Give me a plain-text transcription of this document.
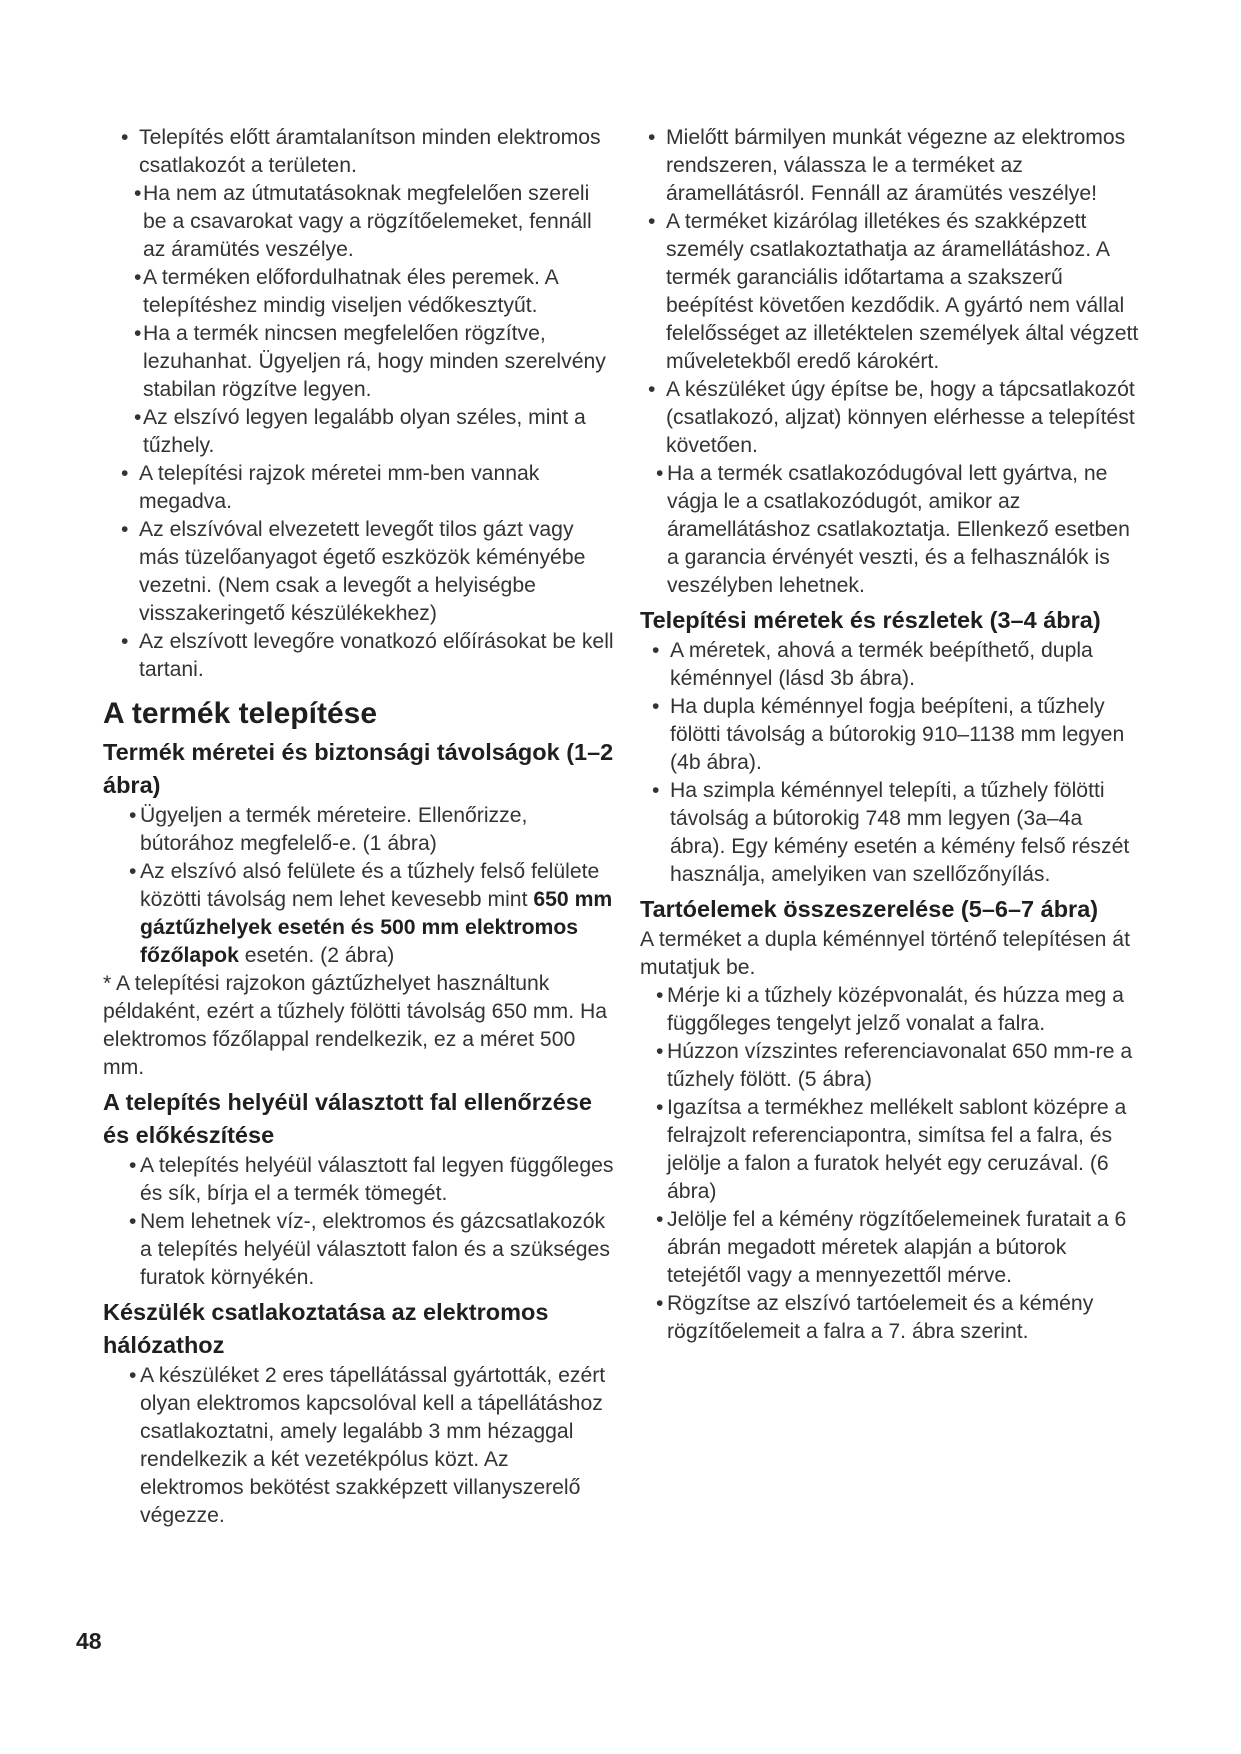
• Telepítés előtt áramtalanítson minden elektromos csatlakozót a területen.
• Ha nem az útmutatásoknak megfelelően szereli be a csavarokat vagy a rögzítőelemeket, fennáll az áramütés veszélye.
• A terméken előfordulhatnak éles peremek. A telepítéshez mindig viseljen védőkesztyűt.
• Ha a termék nincsen megfelelően rögzítve, lezuhanhat. Ügyeljen rá, hogy minden szerelvény stabilan rögzítve legyen.
• Az elszívó legyen legalább olyan széles, mint a tűzhely.
• A telepítési rajzok méretei mm-ben vannak megadva.
• Az elszívóval elvezetett levegőt tilos gázt vagy más tüzelőanyagot égető eszközök kéményébe vezetni. (Nem csak a levegőt a helyiségbe visszakeringető készülékekhez)
• Az elszívott levegőre vonatkozó előírásokat be kell tartani.
A termék telepítése
Termék méretei és biztonsági távolságok (1–2 ábra)
• Ügyeljen a termék méreteire. Ellenőrizze, bútorához megfelelő-e. (1 ábra)
• Az elszívó alsó felülete és a tűzhely felső felülete közötti távolság nem lehet kevesebb mint 650 mm gáztűzhelyek esetén és 500 mm elektromos főzőlapok esetén. (2 ábra)

* A telepítési rajzokon gáztűzhelyet használtunk példaként, ezért a tűzhely fölötti távolság 650 mm. Ha elektromos főzőlappal rendelkezik, ez a méret 500 mm.

A telepítés helyéül választott fal ellenőrzése és előkészítése
• A telepítés helyéül választott fal legyen függőleges és sík, bírja el a termék tömegét.
• Nem lehetnek víz-, elektromos és gázcsatlakozók a telepítés helyéül választott falon és a szükséges furatok környékén.
Készülék csatlakoztatása az elektromos hálózathoz
• A készüléket 2 eres tápellátással gyártották, ezért olyan elektromos kapcsolóval kell a tápellátáshoz csatlakoztatni, amely legalább 3 mm hézaggal rendelkezik a két vezetékpólus közt. Az elektromos bekötést szakképzett villanyszerelő végezze.
• Mielőtt bármilyen munkát végezne az elektromos rendszeren, válassza le a terméket az áramellátásról. Fennáll az áramütés veszélye!
• A terméket kizárólag illetékes és szakképzett személy csatlakoztathatja az áramellátáshoz. A termék garanciális időtartama a szakszerű beépítést követően kezdődik. A gyártó nem vállal felelősséget az illetéktelen személyek által végzett műveletekből eredő károkért.
• A készüléket úgy építse be, hogy a tápcsatlakozót (csatlakozó, aljzat) könnyen elérhesse a telepítést követően.
• Ha a termék csatlakozódugóval lett gyártva, ne vágja le a csatlakozódugót, amikor az áramellátáshoz csatlakoztatja. Ellenkező esetben a garancia érvényét veszti, és a felhasználók is veszélyben lehetnek.
Telepítési méretek és részletek (3–4 ábra)
• A méretek, ahová a termék beépíthető, dupla kéménnyel (lásd 3b ábra).
• Ha dupla kéménnyel fogja beépíteni, a tűzhely fölötti távolság a bútorokig 910–1138 mm legyen (4b ábra).
• Ha szimpla kéménnyel telepíti, a tűzhely fölötti távolság a bútorokig 748 mm legyen (3a–4a ábra). Egy kémény esetén a kémény felső részét használja, amelyiken van szellőzőnyílás.
Tartóelemek összeszerelése (5–6–7 ábra)

A terméket a dupla kéménnyel történő telepítésen át mutatjuk be.

• Mérje ki a tűzhely középvonalát, és húzza meg a függőleges tengelyt jelző vonalat a falra.
• Húzzon vízszintes referenciavonalat 650 mm-re a tűzhely fölött. (5 ábra)
• Igazítsa a termékhez mellékelt sablont középre a felrajzolt referenciapontra, simítsa fel a falra, és jelölje a falon a furatok helyét egy ceruzával. (6 ábra)
• Jelölje fel a kémény rögzítőelemeinek furatait a 6 ábrán megadott méretek alapján a bútorok tetejétől vagy a mennyezettől mérve.
• Rögzítse az elszívó tartóelemeit és a kémény rögzítőelemeit a falra a 7. ábra szerint.
48
